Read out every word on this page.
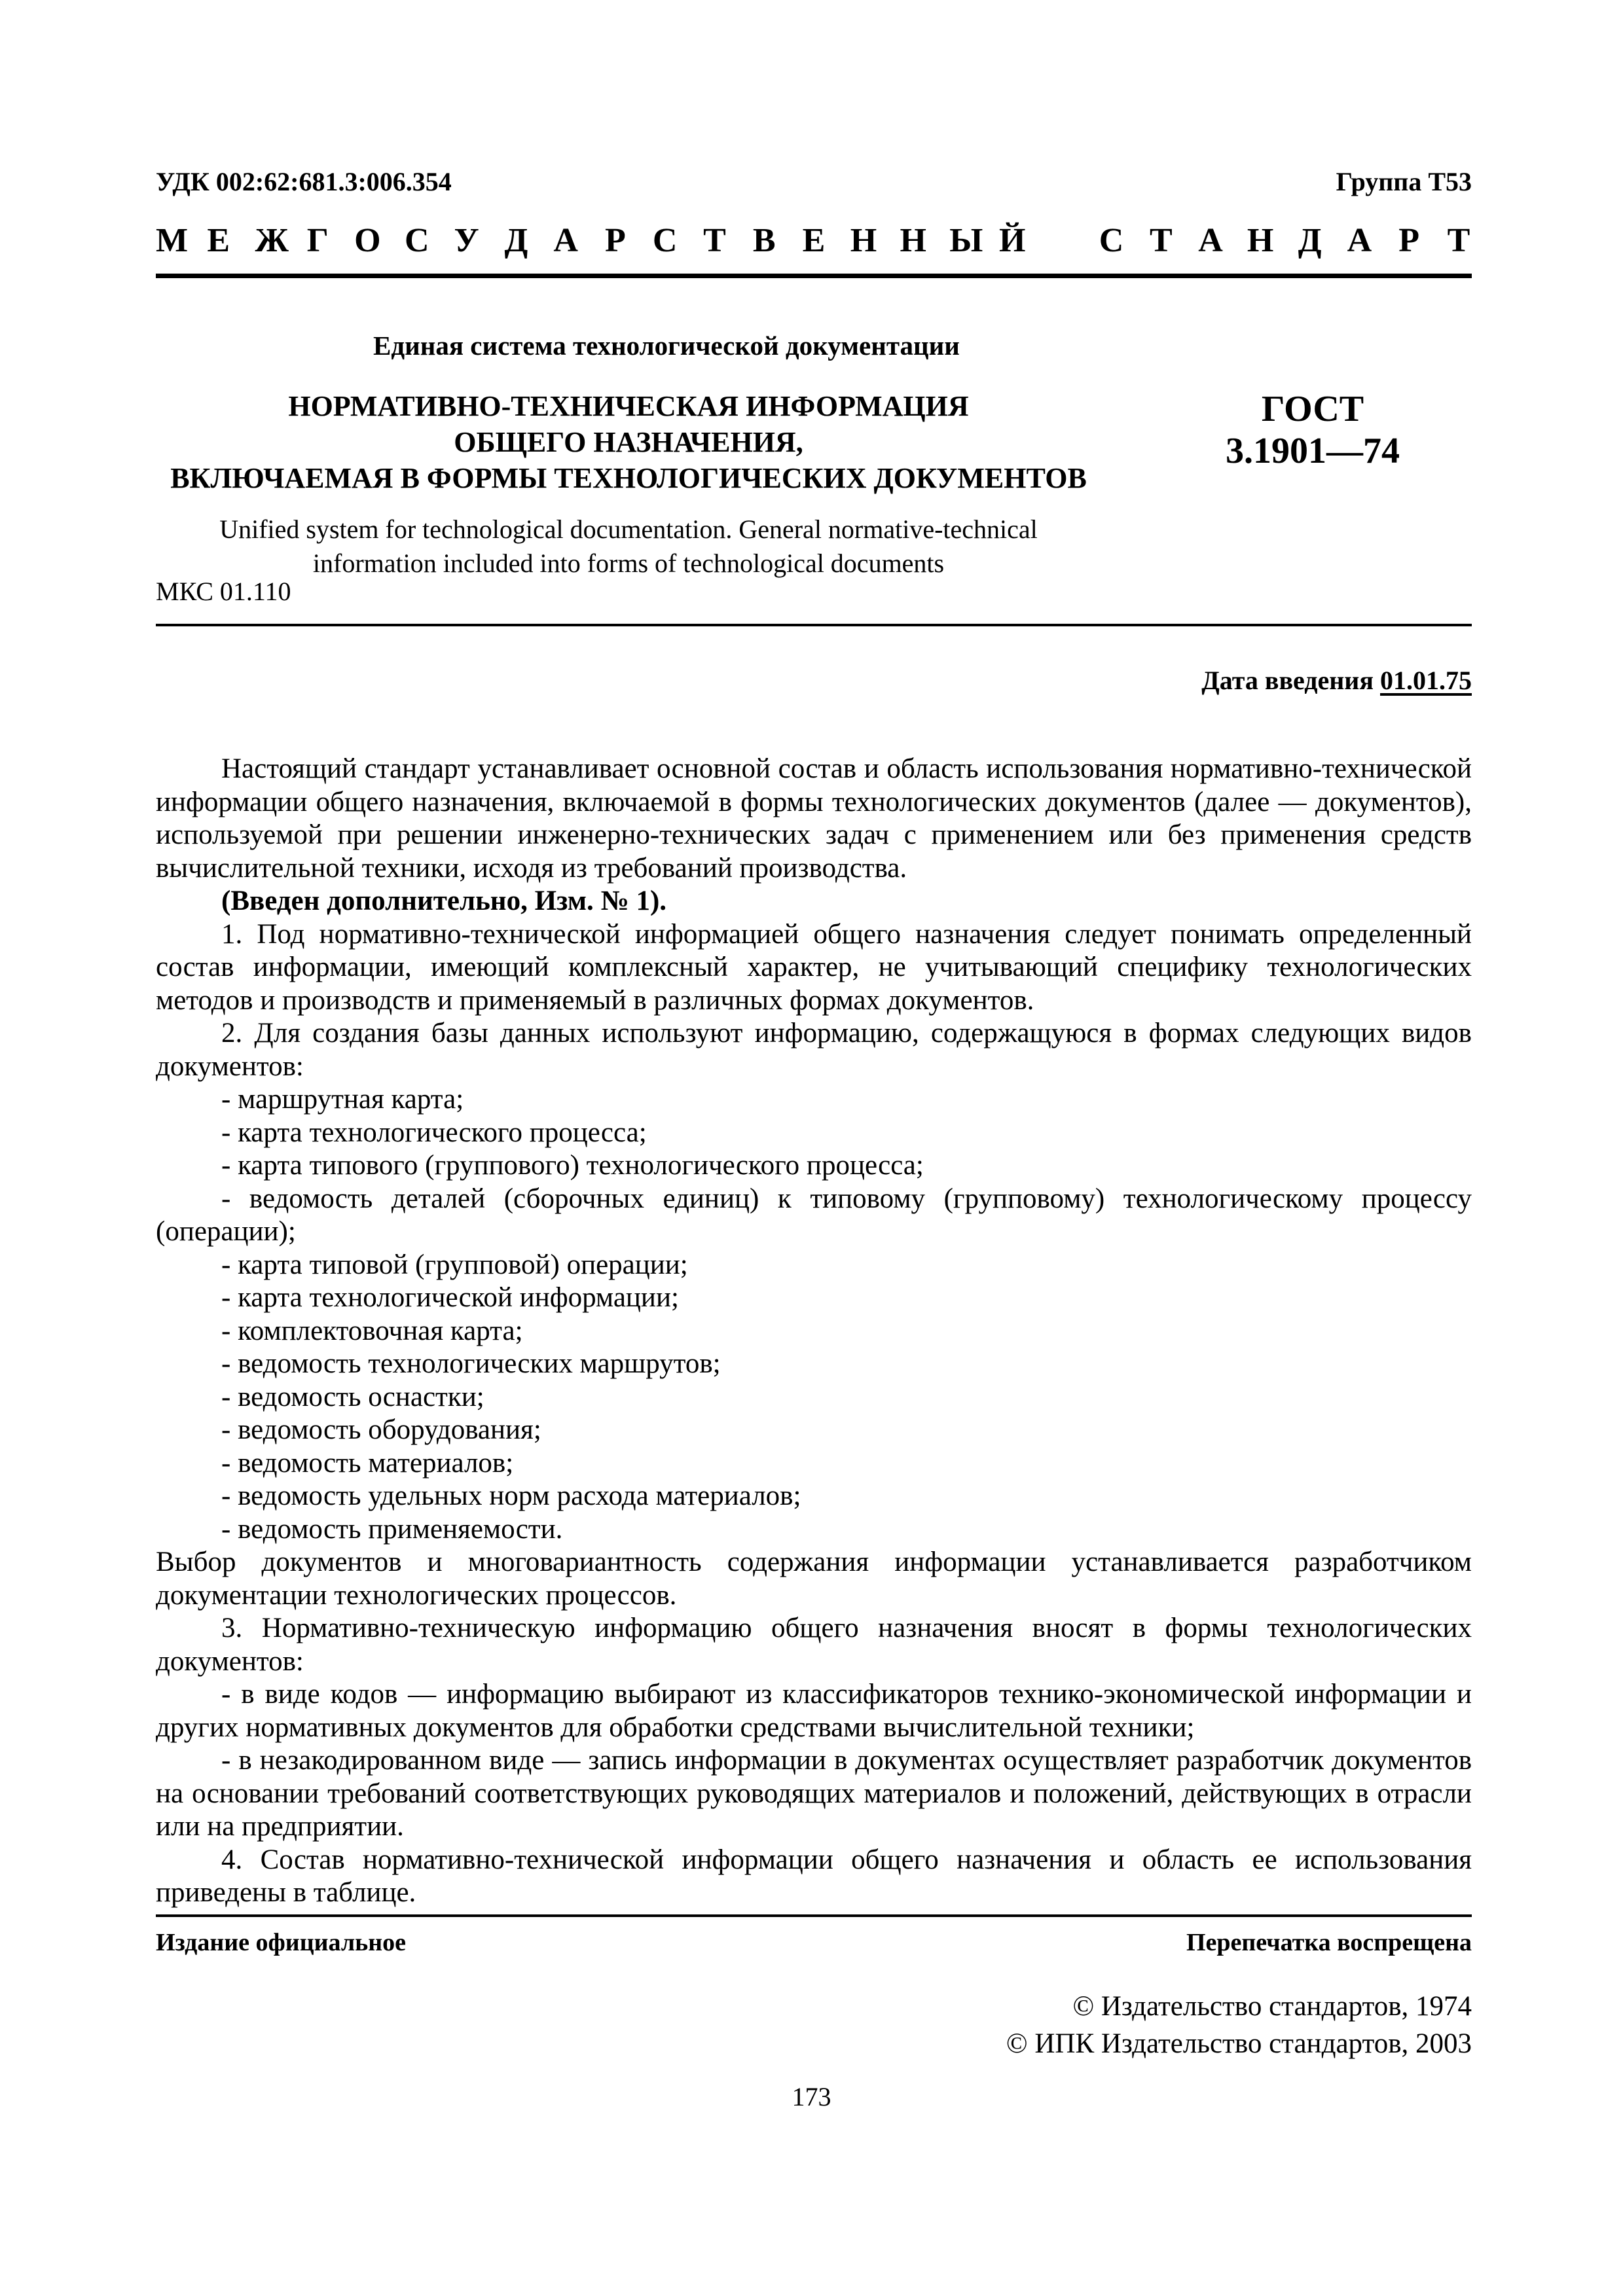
УДК 002:62:681.3:006.354	Группа Т53
М Е Ж Г О С У Д А Р С Т В Е Н Н Ы Й С Т А Н Д А Р Т
Единая система технологической документации
НОРМАТИВНО-ТЕХНИЧЕСКАЯ ИНФОРМАЦИЯ
ОБЩЕГО НАЗНАЧЕНИЯ,
ВКЛЮЧАЕМАЯ В ФОРМЫ ТЕХНОЛОГИЧЕСКИХ ДОКУМЕНТОВ
ГОСТ
3.1901—74
Unified system for technological documentation. General normative-technical
information included into forms of technological documents
МКС 01.110
Дата введения 01.01.75

Настоящий стандарт устанавливает основной состав и область использования нормативно-технической информации общего назначения, включаемой в формы технологических документов (далее — документов), используемой при решении инженерно-технических задач с применением или без применения средств вычислительной техники, исходя из требований производства.

(Введен дополнительно, Изм. № 1).

1. Под нормативно-технической информацией общего назначения следует понимать определенный состав информации, имеющий комплексный характер, не учитывающий специфику технологических методов и производств и применяемый в различных формах документов.

2. Для создания базы данных используют информацию, содержащуюся в формах следующих видов документов:

- маршрутная карта;

- карта технологического процесса;

- карта типового (группового) технологического процесса;

- ведомость деталей (сборочных единиц) к типовому (групповому) технологическому процессу (операции);

- карта типовой (групповой) операции;

- карта технологической информации;

- комплектовочная карта;

- ведомость технологических маршрутов;

- ведомость оснастки;

- ведомость оборудования;

- ведомость материалов;

- ведомость удельных норм расхода материалов;

- ведомость применяемости.

Выбор документов и многовариантность содержания информации устанавливается разработчиком документации технологических процессов.

3. Нормативно-техническую информацию общего назначения вносят в формы технологических документов:

- в виде кодов — информацию выбирают из классификаторов технико-экономической информации и других нормативных документов для обработки средствами вычислительной техники;

- в незакодированном виде — запись информации в документах осуществляет разработчик документов на основании требований соответствующих руководящих материалов и положений, действующих в отрасли или на предприятии.

4. Состав нормативно-технической информации общего назначения и область ее использования приведены в таблице.

Издание официальное	Перепечатка воспрещена
© Издательство стандартов, 1974
© ИПК Издательство стандартов, 2003
173
